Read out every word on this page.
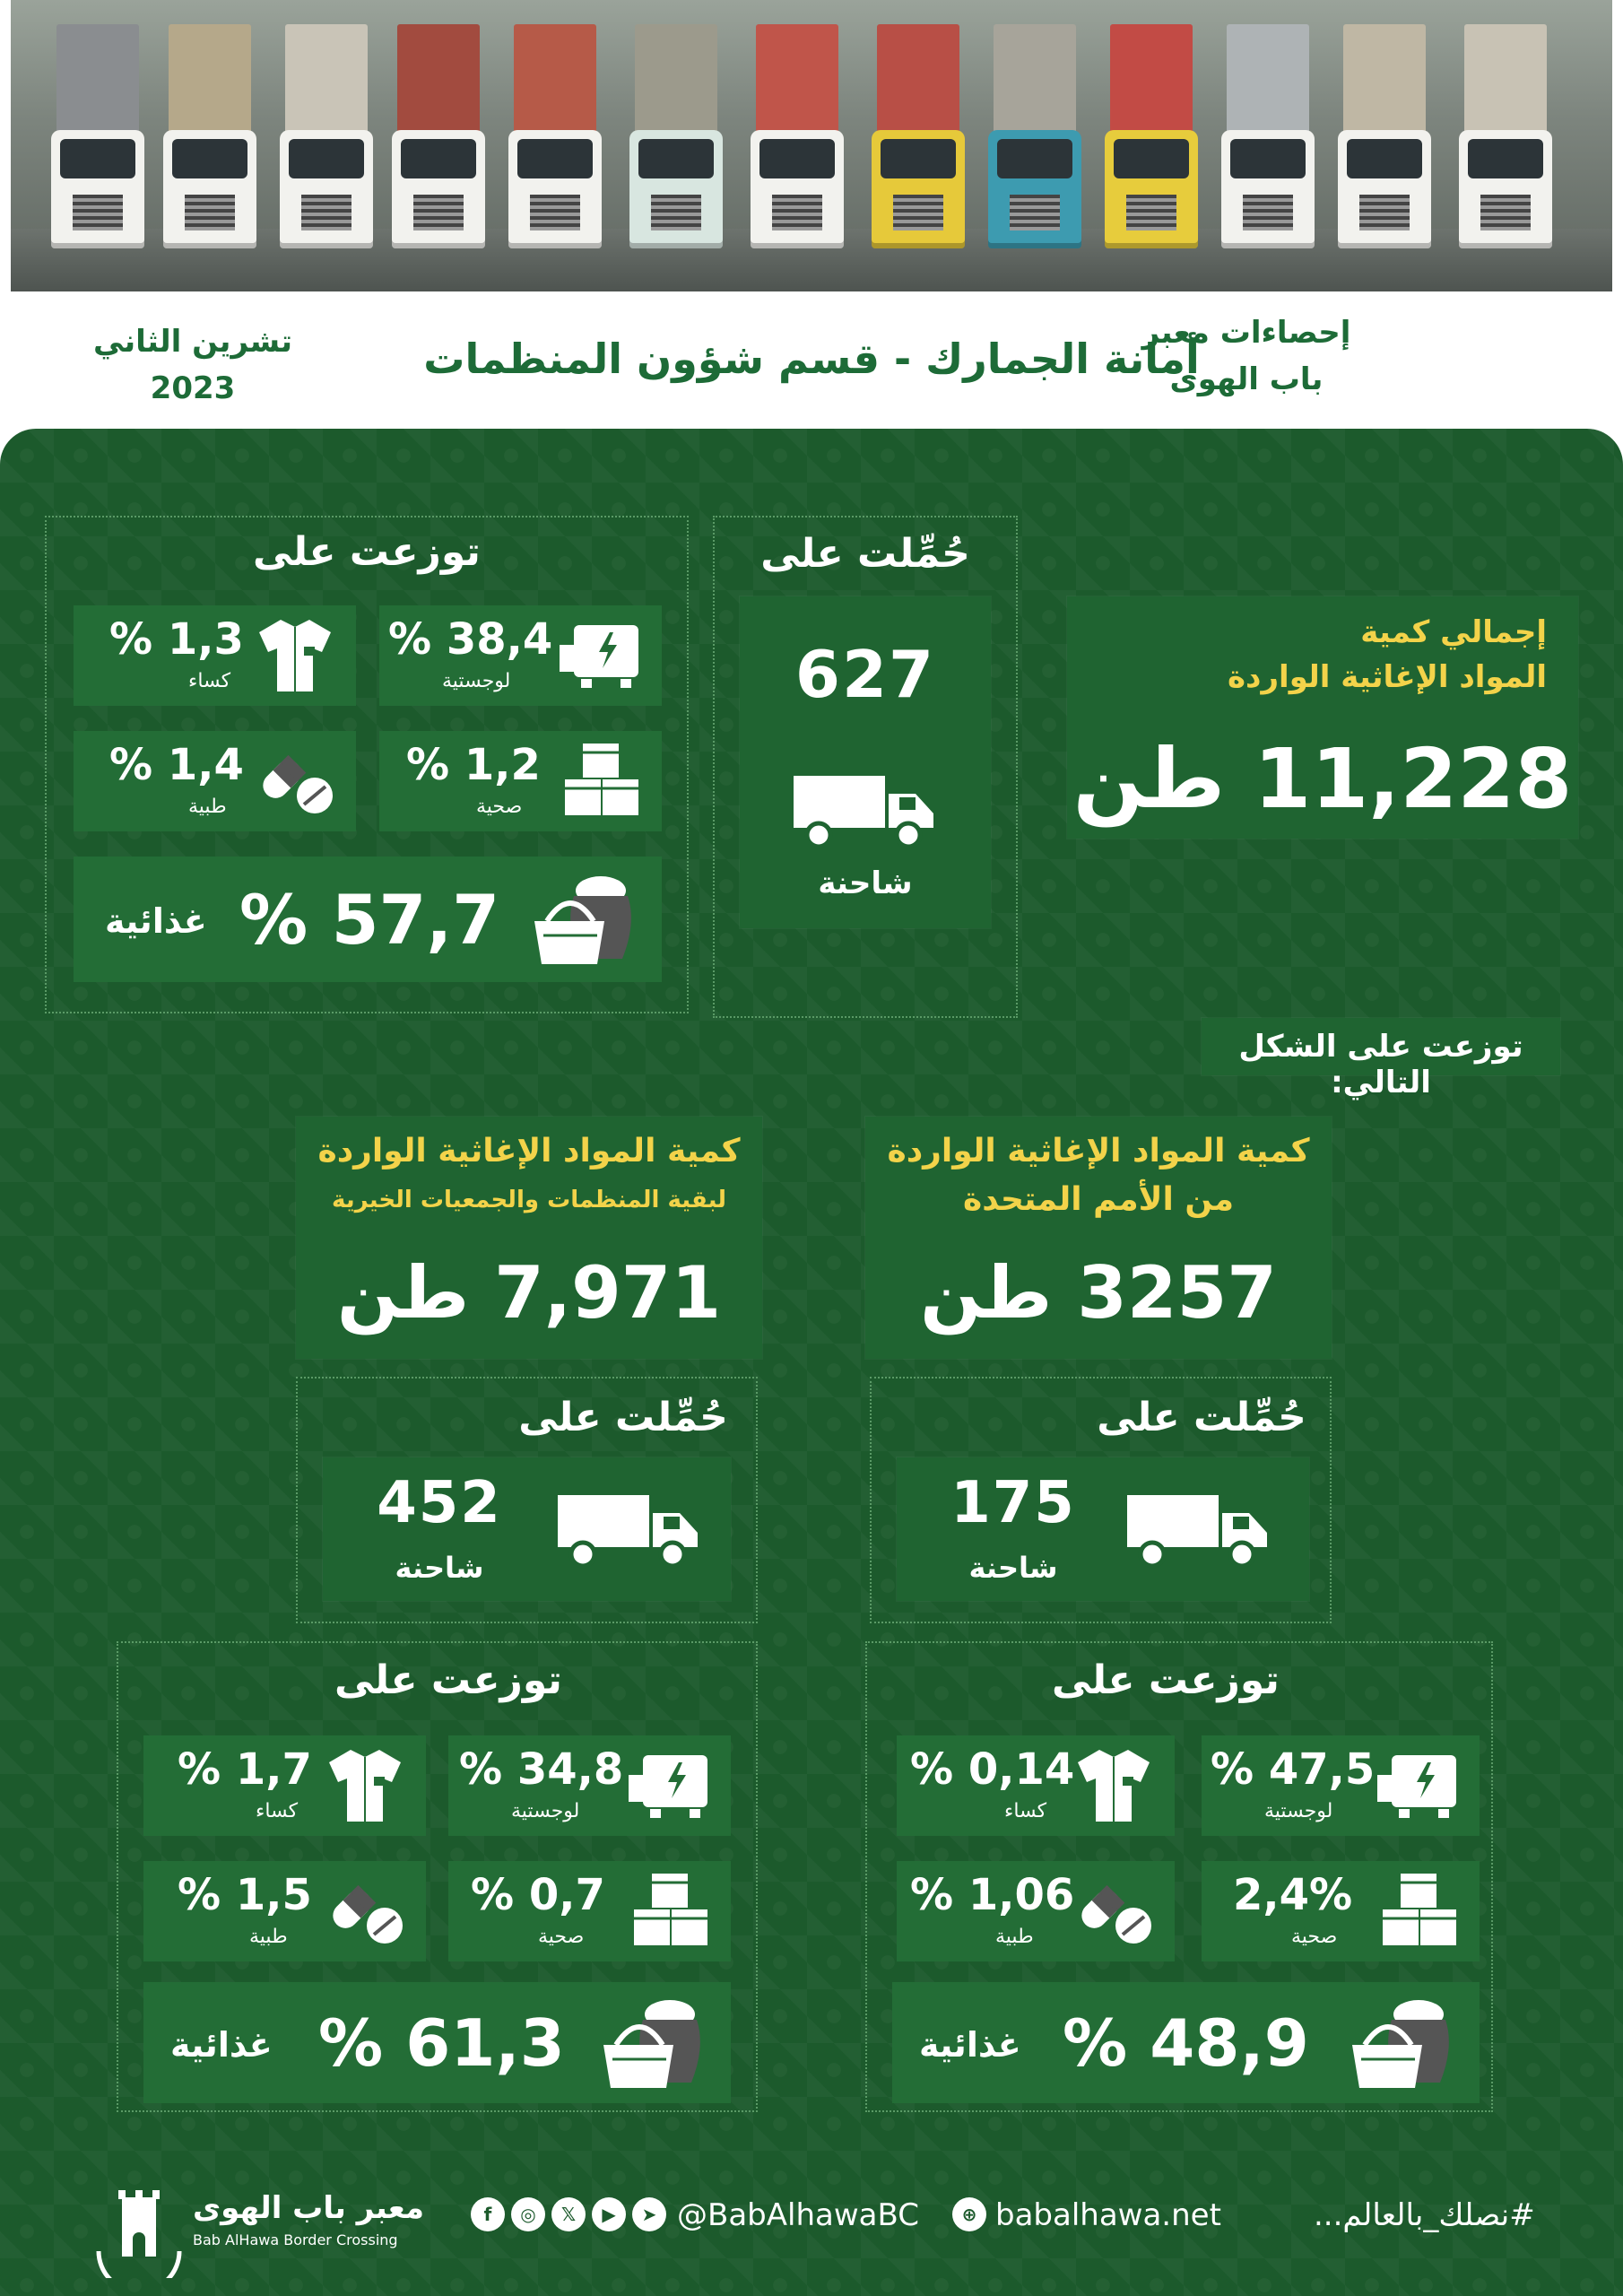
إحصاءات معبر
باب الهوى
أمانة الجمارك - قسم شؤون المنظمات
تشرين الثاني
2023
إجمالي كمية
المواد الإغاثية الواردة
11,228 طن
حُمِّلت على
627
شاحنة
توزعت على
38,4 %
لوجستية
1,3 %
كساء
1,2 %
صحية
1,4 %
طبية
57,7 %
غذائية
توزعت على الشكل التالي:
كمية المواد الإغاثية الواردة
من الأمم المتحدة
3257 طن
حُمِّلت على
175
شاحنة
توزعت على
47,5 %
لوجستية
0,14 %
كساء
2,4%
صحية
1,06 %
طبية
48,9 %
غذائية
كمية المواد الإغاثية الواردة
لبقية المنظمات والجمعيات الخيرية
7,971 طن
حُمِّلت على
452
شاحنة
توزعت على
34,8 %
لوجستية
1,7 %
كساء
0,7 %
صحية
1,5 %
طبية
61,3 %
غذائية
معبر باب الهوى
Bab AlHawa Border Crossing
f	◎	𝕏	▶	➤ @BabAlhawaBC	⊕ babalhawa.net	#نصلك_بالعالم...
